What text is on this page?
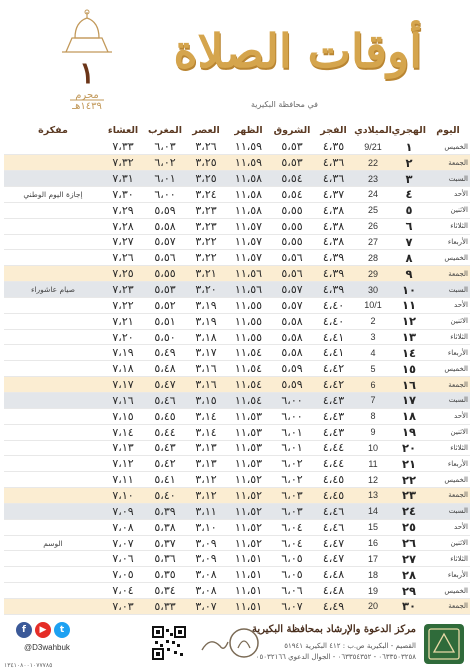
١
محرم
١٤٣٩هـ
أوقات الصلاة
في محافظة البكيرية
اليوم	الهجري	الميلادي	الفجر	الشروق	الظهر	العصر	المغرب	العشاء	مفكرة
الخميس	١	9/21	٤،٣٥	٥،٥٣	١١،٥٩	٣،٢٦	٦،٠٣	٧،٣٣	
الجمعة	٢	22	٤،٣٦	٥،٥٣	١١،٥٩	٣،٢٥	٦،٠٢	٧،٣٢	
السبت	٣	23	٤،٣٦	٥،٥٤	١١،٥٨	٣،٢٥	٦،٠١	٧،٣١	
الأحد	٤	24	٤،٣٧	٥،٥٤	١١،٥٨	٣،٢٤	٦،٠٠	٧،٣٠	إجازة اليوم الوطني
الاثنين	٥	25	٤،٣٨	٥،٥٥	١١،٥٨	٣،٢٣	٥،٥٩	٧،٢٩	
الثلاثاء	٦	26	٤،٣٨	٥،٥٥	١١،٥٧	٣،٢٣	٥،٥٨	٧،٢٨	
الأربعاء	٧	27	٤،٣٨	٥،٥٥	١١،٥٧	٣،٢٢	٥،٥٧	٧،٢٧	
الخميس	٨	28	٤،٣٩	٥،٥٦	١١،٥٧	٣،٢٢	٥،٥٦	٧،٢٦	
الجمعة	٩	29	٤،٣٩	٥،٥٦	١١،٥٦	٣،٢١	٥،٥٥	٧،٢٥	
السبت	١٠	30	٤،٣٩	٥،٥٧	١١،٥٦	٣،٢٠	٥،٥٣	٧،٢٣	صيام عاشوراء
الأحد	١١	10/1	٤،٤٠	٥،٥٧	١١،٥٥	٣،١٩	٥،٥٢	٧،٢٢	
الاثنين	١٢	2	٤،٤٠	٥،٥٨	١١،٥٥	٣،١٩	٥،٥١	٧،٢١	
الثلاثاء	١٣	3	٤،٤١	٥،٥٨	١١،٥٥	٣،١٨	٥،٥٠	٧،٢٠	
الأربعاء	١٤	4	٤،٤١	٥،٥٨	١١،٥٤	٣،١٧	٥،٤٩	٧،١٩	
الخميس	١٥	5	٤،٤٢	٥،٥٩	١١،٥٤	٣،١٦	٥،٤٨	٧،١٨	
الجمعة	١٦	6	٤،٤٢	٥،٥٩	١١،٥٤	٣،١٦	٥،٤٧	٧،١٧	
السبت	١٧	7	٤،٤٣	٦،٠٠	١١،٥٤	٣،١٥	٥،٤٦	٧،١٦	
الأحد	١٨	8	٤،٤٣	٦،٠٠	١١،٥٣	٣،١٤	٥،٤٥	٧،١٥	
الاثنين	١٩	9	٤،٤٣	٦،٠١	١١،٥٣	٣،١٤	٥،٤٤	٧،١٤	
الثلاثاء	٢٠	10	٤،٤٤	٦،٠١	١١،٥٣	٣،١٣	٥،٤٣	٧،١٣	
الأربعاء	٢١	11	٤،٤٤	٦،٠٢	١١،٥٣	٣،١٣	٥،٤٢	٧،١٢	
الخميس	٢٢	12	٤،٤٥	٦،٠٢	١١،٥٢	٣،١٢	٥،٤١	٧،١١	
الجمعة	٢٣	13	٤،٤٥	٦،٠٣	١١،٥٢	٣،١٢	٥،٤٠	٧،١٠	
السبت	٢٤	14	٤،٤٦	٦،٠٣	١١،٥٢	٣،١١	٥،٣٩	٧،٠٩	
الأحد	٢٥	15	٤،٤٦	٦،٠٤	١١،٥٢	٣،١٠	٥،٣٨	٧،٠٨	
الاثنين	٢٦	16	٤،٤٧	٦،٠٤	١١،٥٢	٣،٠٩	٥،٣٧	٧،٠٧	الوسم
الثلاثاء	٢٧	17	٤،٤٧	٦،٠٥	١١،٥١	٣،٠٩	٥،٣٦	٧،٠٦	
الأربعاء	٢٨	18	٤،٤٨	٦،٠٥	١١،٥١	٣،٠٨	٥،٣٥	٧،٠٥	
الخميس	٢٩	19	٤،٤٨	٦،٠٦	١١،٥١	٣،٠٨	٥،٣٤	٧،٠٤	
الجمعة	٣٠	20	٤،٤٩	٦،٠٧	١١،٥١	٣،٠٧	٥،٣٣	٧،٠٣	
f	▶	t
@D3wahbuk
١٣٤١٠٨٠٠١٠٧٧٧٨٥
مركز الدعوة والإرشاد بمحافظة البكيرية
القصيم - البكيرية ص.ب : ٤١٢ البكيرية ٥١٩٤١
٠٦٣٣٥٠٣٢٥٨ - ٠٦٣٣٥٤٣٥٢ - الجوال الدعوي ٠٥٠٣٢١٦٦
